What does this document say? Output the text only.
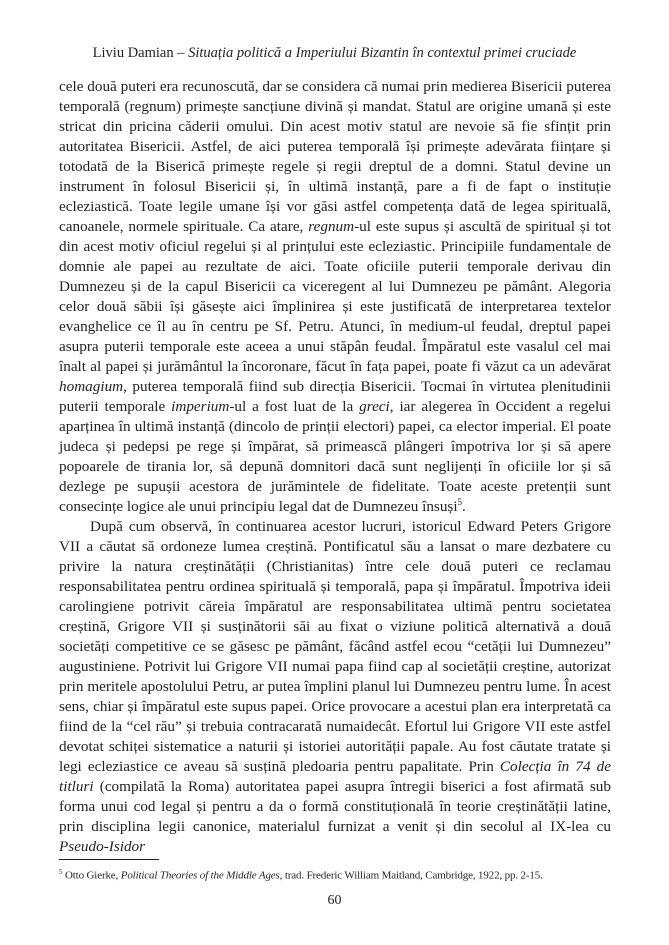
Liviu Damian – Situația politică a Imperiului Bizantin în contextul primei cruciade

cele două puteri era recunoscută, dar se considera că numai prin medierea Bisericii puterea temporală (regnum) primește sancțiune divină și mandat. Statul are origine umană și este stricat din pricina căderii omului. Din acest motiv statul are nevoie să fie sfințit prin autoritatea Bisericii. Astfel, de aici puterea temporală își primește adevărata ființare și totodată de la Biserică primește regele și regii dreptul de a domni. Statul devine un instrument în folosul Bisericii și, în ultimă instanță, pare a fi de fapt o instituție ecleziastică. Toate legile umane își vor găsi astfel competența dată de legea spirituală, canoanele, normele spirituale. Ca atare, regnum-ul este supus și ascultă de spiritual și tot din acest motiv oficiul regelui și al prințului este ecleziastic. Principiile fundamentale de domnie ale papei au rezultate de aici. Toate oficiile puterii temporale derivau din Dumnezeu și de la capul Bisericii ca viceregent al lui Dumnezeu pe pământ. Alegoria celor două săbii își găsește aici împlinirea și este justificată de interpretarea textelor evanghelice ce îl au în centru pe Sf. Petru. Atunci, în medium-ul feudal, dreptul papei asupra puterii temporale este aceea a unui stăpân feudal. Împăratul este vasalul cel mai înalt al papei și jurământul la încoronare, făcut în fața papei, poate fi văzut ca un adevărat homagium, puterea temporală fiind sub direcția Bisericii. Tocmai în virtutea plenitudinii puterii temporale imperium-ul a fost luat de la greci, iar alegerea în Occident a regelui aparținea în ultimă instanță (dincolo de prinții electori) papei, ca elector imperial. El poate judeca și pedepsi pe rege și împărat, să primească plângeri împotriva lor și să apere popoarele de tirania lor, să depună domnitori dacă sunt neglijenți în oficiile lor și să dezlege pe supușii acestora de jurămintele de fidelitate. Toate aceste pretenții sunt consecințe logice ale unui principiu legal dat de Dumnezeu însuși$^5$.

După cum observă, în continuarea acestor lucruri, istoricul Edward Peters Grigore VII a căutat să ordoneze lumea creștină. Pontificatul său a lansat o mare dezbatere cu privire la natura creștinătății (Christianitas) între cele două puteri ce reclamau responsabilitatea pentru ordinea spirituală și temporală, papa și împăratul. Împotriva ideii carolingiene potrivit căreia împăratul are responsabilitatea ultimă pentru societatea creștină, Grigore VII și susținătorii săi au fixat o viziune politică alternativă a două societăți competitive ce se găsesc pe pământ, făcând astfel ecou “cetății lui Dumnezeu” augustiniene. Potrivit lui Grigore VII numai papa fiind cap al societății creștine, autorizat prin meritele apostolului Petru, ar putea împlini planul lui Dumnezeu pentru lume. În acest sens, chiar și împăratul este supus papei. Orice provocare a acestui plan era interpretată ca fiind de la “cel rău” și trebuia contracarată numaidecât. Efortul lui Grigore VII este astfel devotat schiței sistematice a naturii și istoriei autorității papale. Au fost căutate tratate și legi ecleziastice ce aveau să susțină pledoaria pentru papalitate. Prin Colecția în 74 de titluri (compilată la Roma) autoritatea papei asupra întregii biserici a fost afirmată sub forma unui cod legal și pentru a da o formă constituțională în teorie creștinătății latine, prin disciplina legii canonice, materialul furnizat a venit și din secolul al IX-lea cu Pseudo-Isidor

$^5$ Otto Gierke, Political Theories of the Middle Ages, trad. Frederic William Maitland, Cambridge, 1922, pp. 2-15.
60
